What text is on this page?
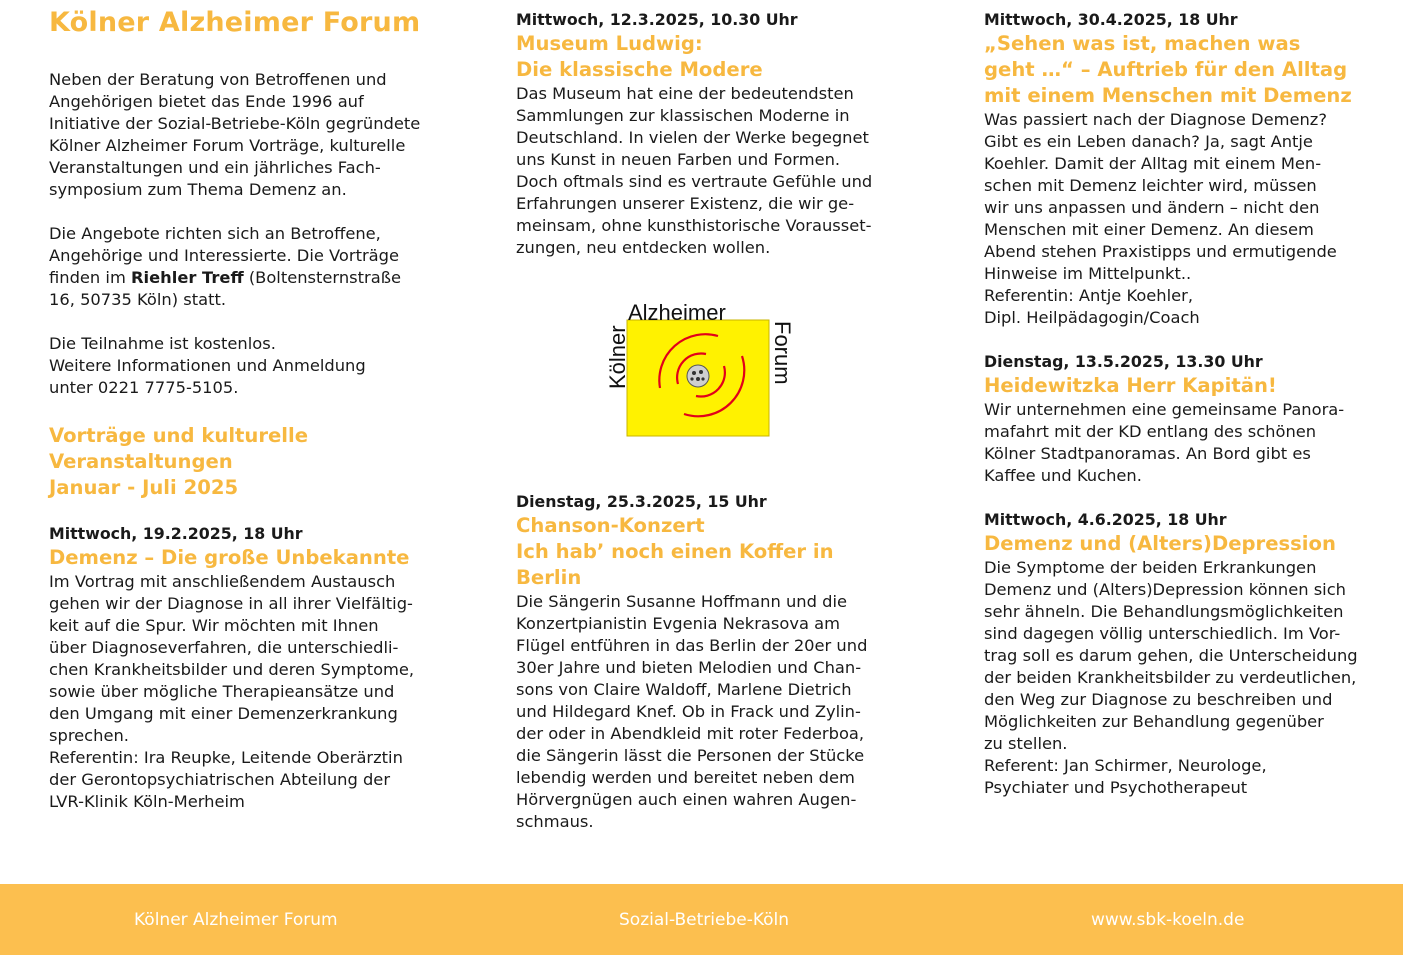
Kölner Alzheimer Forum
Neben der Beratung von Betroffenen und
Angehörigen bietet das Ende 1996 auf
Initiative der Sozial-Betriebe-Köln gegründete
Kölner Alzheimer Forum Vorträge, kulturelle
Veranstaltungen und ein jährliches Fach-
symposium zum Thema Demenz an.
Die Angebote richten sich an Betroffene,
Angehörige und Interessierte. Die Vorträge
finden im Riehler Treff (Boltensternstraße
16, 50735 Köln) statt.
Die Teilnahme ist kostenlos.
Weitere Informationen und Anmeldung
unter 0221 7775-5105.
Vorträge und kulturelle
Veranstaltungen
Januar - Juli 2025
Mittwoch, 19.2.2025, 18 Uhr
Demenz – Die große Unbekannte
Im Vortrag mit anschließendem Austausch
gehen wir der Diagnose in all ihrer Vielfältig-
keit auf die Spur. Wir möchten mit Ihnen
über Diagnoseverfahren, die unterschiedli-
chen Krankheitsbilder und deren Symptome,
sowie über mögliche Therapieansätze und
den Umgang mit einer Demenzerkrankung
sprechen.
Referentin: Ira Reupke, Leitende Oberärztin
der Gerontopsychiatrischen Abteilung der
LVR-Klinik Köln-Merheim
Mittwoch, 12.3.2025, 10.30 Uhr
Museum Ludwig:
Die klassische Modere
Das Museum hat eine der bedeutendsten
Sammlungen zur klassischen Moderne in
Deutschland. In vielen der Werke begegnet
uns Kunst in neuen Farben und Formen.
Doch oftmals sind es vertraute Gefühle und
Erfahrungen unserer Existenz, die wir ge-
meinsam, ohne kunsthistorische Vorausset-
zungen, neu entdecken wollen.
Dienstag, 25.3.2025, 15 Uhr
Chanson-Konzert
Ich hab’ noch einen Koffer in Berlin
Die Sängerin Susanne Hoffmann und die
Konzertpianistin Evgenia Nekrasova am
Flügel entführen in das Berlin der 20er und
30er Jahre und bieten Melodien und Chan-
sons von Claire Waldoff, Marlene Dietrich
und Hildegard Knef. Ob in Frack und Zylin-
der oder in Abendkleid mit roter Federboa,
die Sängerin lässt die Personen der Stücke
lebendig werden und bereitet neben dem
Hörvergnügen auch einen wahren Augen-
schmaus.
Alzheimer
Kölner	Forum
Mittwoch, 30.4.2025, 18 Uhr
„Sehen was ist, machen was
geht …“ – Auftrieb für den Alltag
mit einem Menschen mit Demenz
Was passiert nach der Diagnose Demenz?
Gibt es ein Leben danach? Ja, sagt Antje
Koehler. Damit der Alltag mit einem Men-
schen mit Demenz leichter wird, müssen
wir uns anpassen und ändern – nicht den
Menschen mit einer Demenz. An diesem
Abend stehen Praxistipps und ermutigende
Hinweise im Mittelpunkt..
Referentin: Antje Koehler,
Dipl. Heilpädagogin/Coach
Dienstag, 13.5.2025, 13.30 Uhr
Heidewitzka Herr Kapitän!
Wir unternehmen eine gemeinsame Panora-
mafahrt mit der KD entlang des schönen
Kölner Stadtpanoramas. An Bord gibt es
Kaffee und Kuchen.
Mittwoch, 4.6.2025, 18 Uhr
Demenz und (Alters)Depression
Die Symptome der beiden Erkrankungen
Demenz und (Alters)Depression können sich
sehr ähneln. Die Behandlungsmöglichkeiten
sind dagegen völlig unterschiedlich. Im Vor-
trag soll es darum gehen, die Unterscheidung
der beiden Krankheitsbilder zu verdeutlichen,
den Weg zur Diagnose zu beschreiben und
Möglichkeiten zur Behandlung gegenüber
zu stellen.
Referent: Jan Schirmer, Neurologe,
Psychiater und Psychotherapeut
Kölner Alzheimer Forum	Sozial-Betriebe-Köln	www.sbk-koeln.de
